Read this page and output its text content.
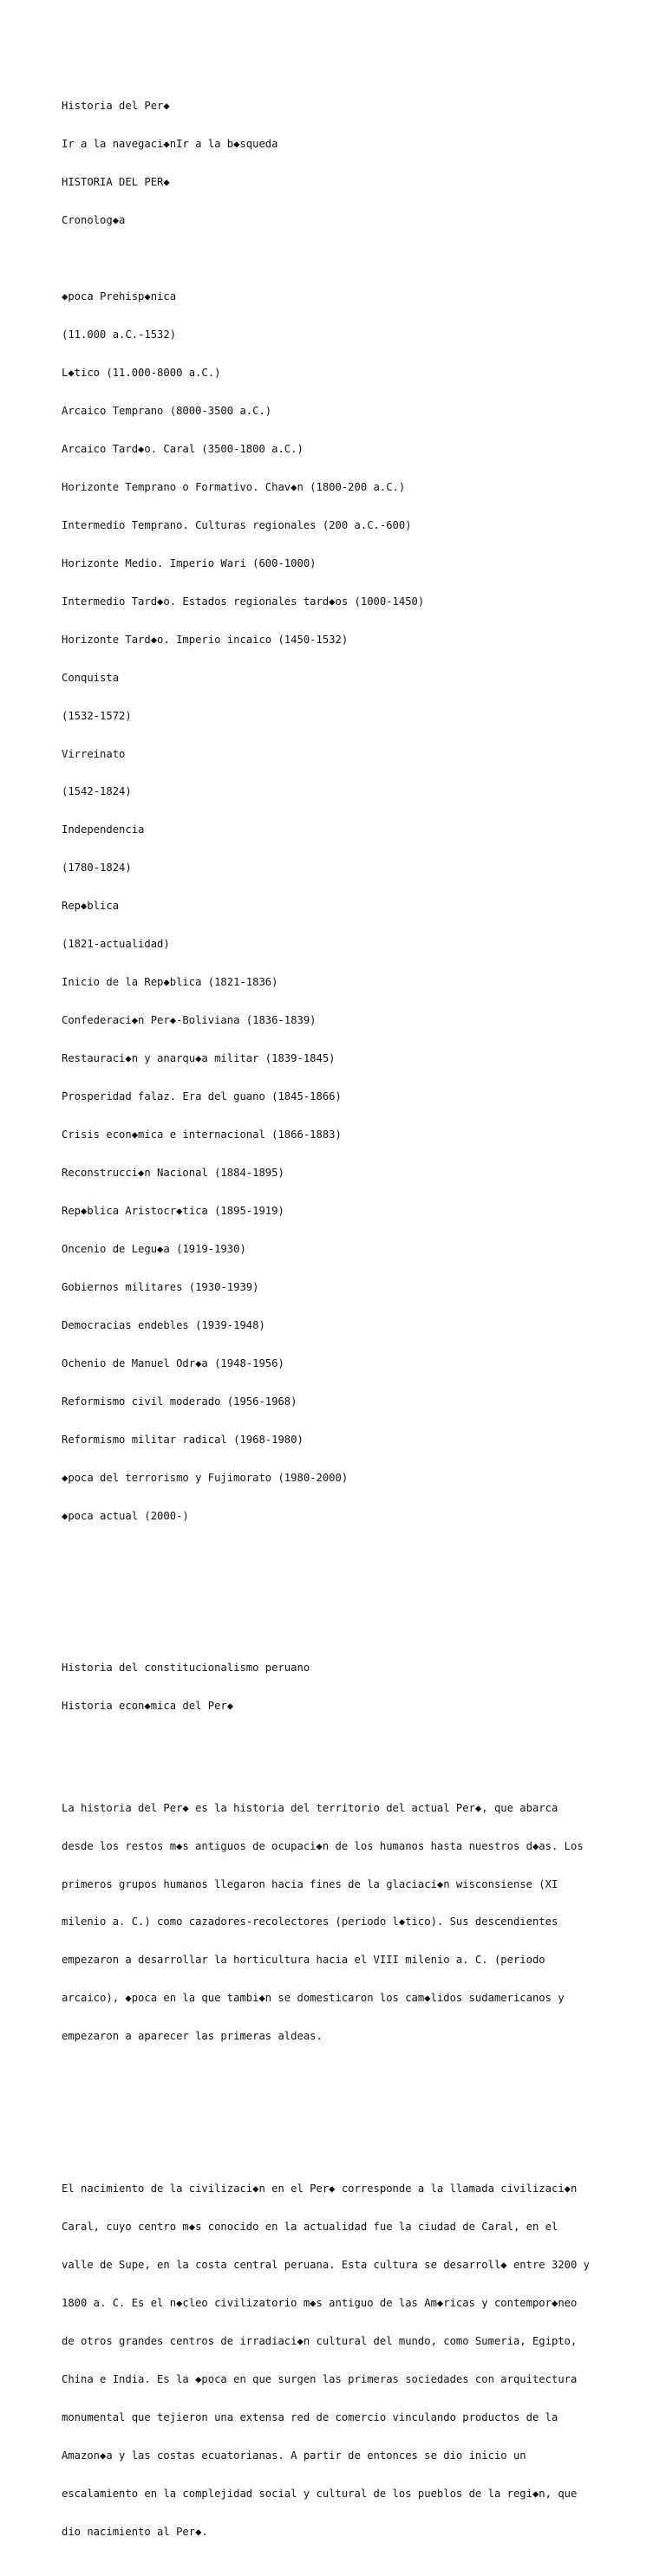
Historia del Per◆

Ir a la navegaci◆nIr a la b◆squeda

HISTORIA DEL PER◆

Cronolog◆a

◆poca Prehisp◆nica

(11.000 a.C.-1532)

L◆tico (11.000-8000 a.C.)

Arcaico Temprano (8000-3500 a.C.)

Arcaico Tard◆o. Caral (3500-1800 a.C.)

Horizonte Temprano o Formativo. Chav◆n (1800-200 a.C.)

Intermedio Temprano. Culturas regionales (200 a.C.-600)

Horizonte Medio. Imperio Wari (600-1000)

Intermedio Tard◆o. Estados regionales tard◆os (1000-1450)

Horizonte Tard◆o. Imperio incaico (1450-1532)

Conquista

(1532-1572)

Virreinato

(1542-1824)

Independencia

(1780-1824)

Rep◆blica

(1821-actualidad)

Inicio de la Rep◆blica (1821-1836)

Confederaci◆n Per◆-Boliviana (1836-1839)

Restauraci◆n y anarqu◆a militar (1839-1845)

Prosperidad falaz. Era del guano (1845-1866)

Crisis econ◆mica e internacional (1866-1883)

Reconstrucci◆n Nacional (1884-1895)

Rep◆blica Aristocr◆tica (1895-1919)

Oncenio de Legu◆a (1919-1930)

Gobiernos militares (1930-1939)

Democracias endebles (1939-1948)

Ochenio de Manuel Odr◆a (1948-1956)

Reformismo civil moderado (1956-1968)

Reformismo militar radical (1968-1980)

◆poca del terrorismo y Fujimorato (1980-2000)

◆poca actual (2000-)

Historia del constitucionalismo peruano

Historia econ◆mica del Per◆

La historia del Per◆ es la historia del territorio del actual Per◆, que abarca

desde los restos m◆s antiguos de ocupaci◆n de los humanos hasta nuestros d◆as. Los

primeros grupos humanos llegaron hacia fines de la glaciaci◆n wisconsiense (XI

milenio a. C.) como cazadores-recolectores (periodo l◆tico). Sus descendientes

empezaron a desarrollar la horticultura hacia el VIII milenio a. C. (periodo

arcaico), ◆poca en la que tambi◆n se domesticaron los cam◆lidos sudamericanos y

empezaron a aparecer las primeras aldeas.

El nacimiento de la civilizaci◆n en el Per◆ corresponde a la llamada civilizaci◆n

Caral, cuyo centro m◆s conocido en la actualidad fue la ciudad de Caral, en el

valle de Supe, en la costa central peruana. Esta cultura se desarroll◆ entre 3200 y

1800 a. C. Es el n◆cleo civilizatorio m◆s antiguo de las Am◆ricas y contempor◆neo

de otros grandes centros de irradiaci◆n cultural del mundo, como Sumeria, Egipto,

China e India. Es la ◆poca en que surgen las primeras sociedades con arquitectura

monumental que tejieron una extensa red de comercio vinculando productos de la

Amazon◆a y las costas ecuatorianas. A partir de entonces se dio inicio un

escalamiento en la complejidad social y cultural de los pueblos de la regi◆n, que

dio nacimiento al Per◆.
